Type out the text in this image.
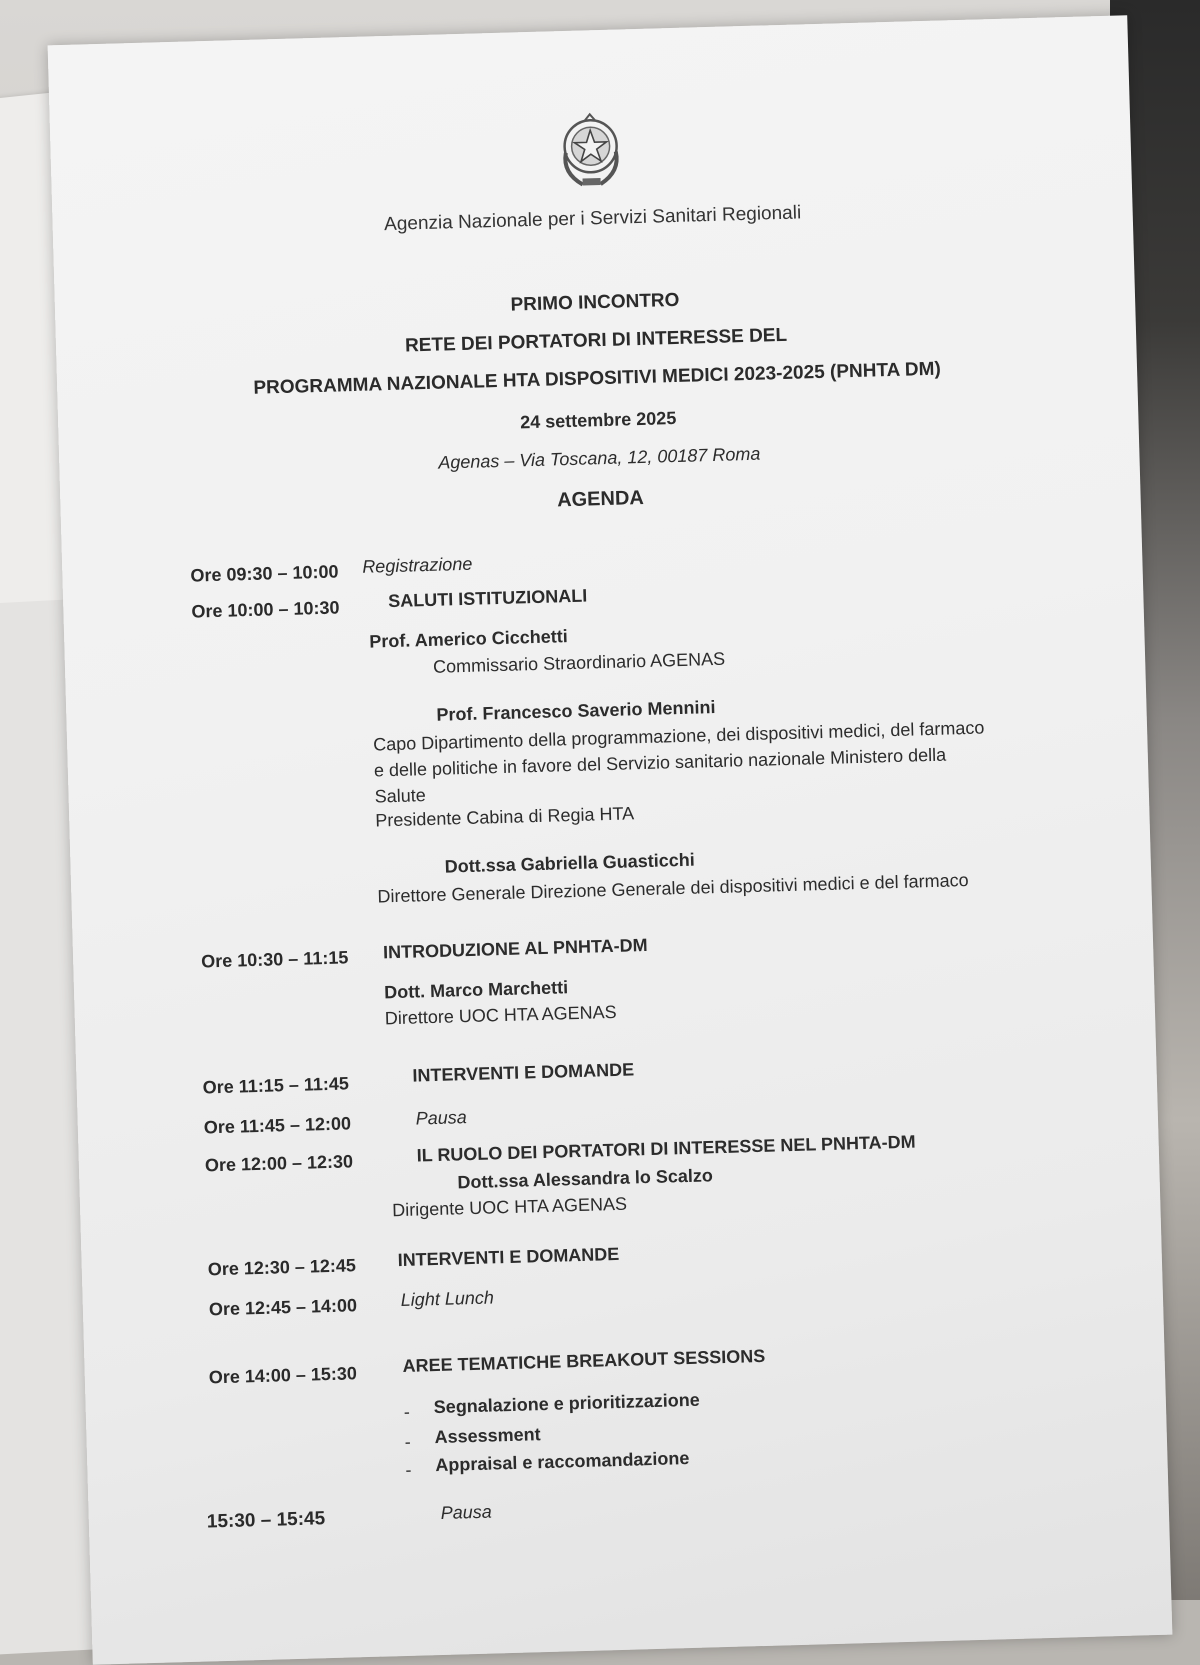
Agenzia Nazionale per i Servizi Sanitari Regionali
PRIMO INCONTRO
RETE DEI PORTATORI DI INTERESSE DEL
PROGRAMMA NAZIONALE HTA DISPOSITIVI MEDICI 2023-2025 (PNHTA DM)
24 settembre 2025
Agenas – Via Toscana, 12, 00187 Roma
AGENDA
Ore 09:30 – 10:00 Registrazione
Ore 10:00 – 10:30	SALUTI ISTITUZIONALI
Prof. Americo Cicchetti
Commissario Straordinario AGENAS
Prof. Francesco Saverio Mennini
Capo Dipartimento della programmazione, dei dispositivi medici, del farmaco
e delle politiche in favore del Servizio sanitario nazionale Ministero della
Salute
Presidente Cabina di Regia HTA
Dott.ssa Gabriella Guasticchi
Direttore Generale Direzione Generale dei dispositivi medici e del farmaco
Ore 10:30 – 11:15 INTRODUZIONE AL PNHTA-DM
Dott. Marco Marchetti
Direttore UOC HTA AGENAS
Ore 11:15 – 11:45	INTERVENTI E DOMANDE
Ore 11:45 – 12:00	Pausa
Ore 12:00 – 12:30	IL RUOLO DEI PORTATORI DI INTERESSE NEL PNHTA-DM
Dott.ssa Alessandra lo Scalzo
Dirigente UOC HTA AGENAS
Ore 12:30 – 12:45 INTERVENTI E DOMANDE
Ore 12:45 – 14:00 Light Lunch
Ore 14:00 – 15:30	AREE TEMATICHE BREAKOUT SESSIONS
- Segnalazione e prioritizzazione
- Assessment
- Appraisal e raccomandazione
15:30 – 15:45	Pausa
